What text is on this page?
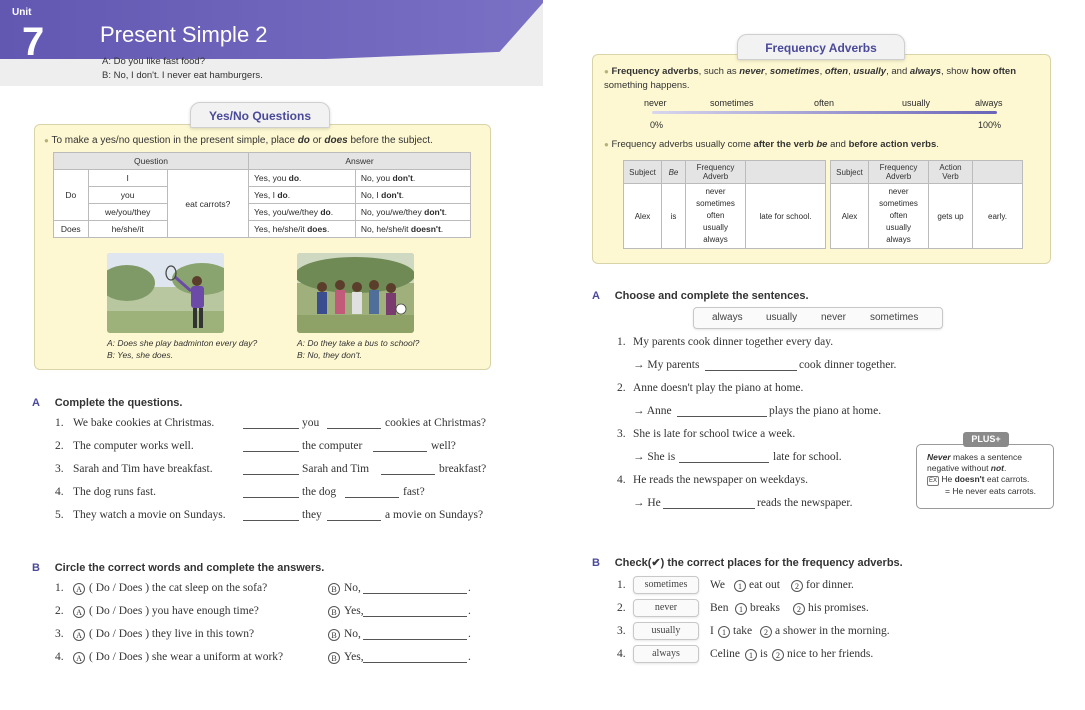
Unit
7	Present Simple 2
A: Do you like fast food?
B: No, I don't. I never eat hamburgers.
Yes/No Questions
● To make a yes/no question in the present simple, place do or does before the subject.
Question			Answer	
Do	I	eat carrots?	Yes, you do.	No, you don't.
	you		Yes, I do.	No, I don't.
	we/you/they		Yes, you/we/they do.	No, you/we/they don't.
Does	he/she/it		Yes, he/she/it does.	No, he/she/it doesn't.
A: Does she play badminton every day?
B: Yes, she does.
A: Do they take a bus to school?
B: No, they don't.
A Complete the questions.
1. We bake cookies at Christmas.	you	cookies at Christmas?
2. The computer works well.	the computer	well?
3. Sarah and Tim have breakfast.	Sarah and Tim	breakfast?
4. The dog runs fast.	the dog	fast?
5. They watch a movie on Sundays.	they	a movie on Sundays?
B Circle the correct words and complete the answers.
1.	A ( Do / Does ) the cat sleep on the sofa?	B No,	.
2.	A ( Do / Does ) you have enough time?	B Yes,	.
3.	A ( Do / Does ) they live in this town?	B No,	.
4.	A ( Do / Does ) she wear a uniform at work?	B Yes,	.
Frequency Adverbs
● Frequency adverbs, such as never, sometimes, often, usually, and always, show how often something happens.
never	sometimes	often	usually	always
0%	100%
● Frequency adverbs usually come after the verb be and before action verbs.
Subject	Be	Frequency Adverb	
Alex	is	never
sometimes
often
usually
always	late for school.
Subject	Frequency Adverb	Action Verb	
Alex	never
sometimes
often
usually
always	gets up	early.
A Choose and complete the sentences.
always usually never sometimes
1. My parents cook dinner together every day.
→ My parents	cook dinner together.
2. Anne doesn't play the piano at home.
→ Anne	plays the piano at home.
3. She is late for school twice a week.
→ She is	late for school.
4. He reads the newspaper on weekdays.
→ He	reads the newspaper.
Never makes a sentence
negative without not.
EX He doesn't eat carrots.
= He never eats carrots.
PLUS+
B Check(✔) the correct places for the frequency adverbs.
1.	sometimes	We	1 eat out	2 for dinner.
2.	never	Ben	1 breaks	2 his promises.
3.	usually	I	1 take	2 a shower in the morning.
4.	always	Celine	1 is	2 nice to her friends.
